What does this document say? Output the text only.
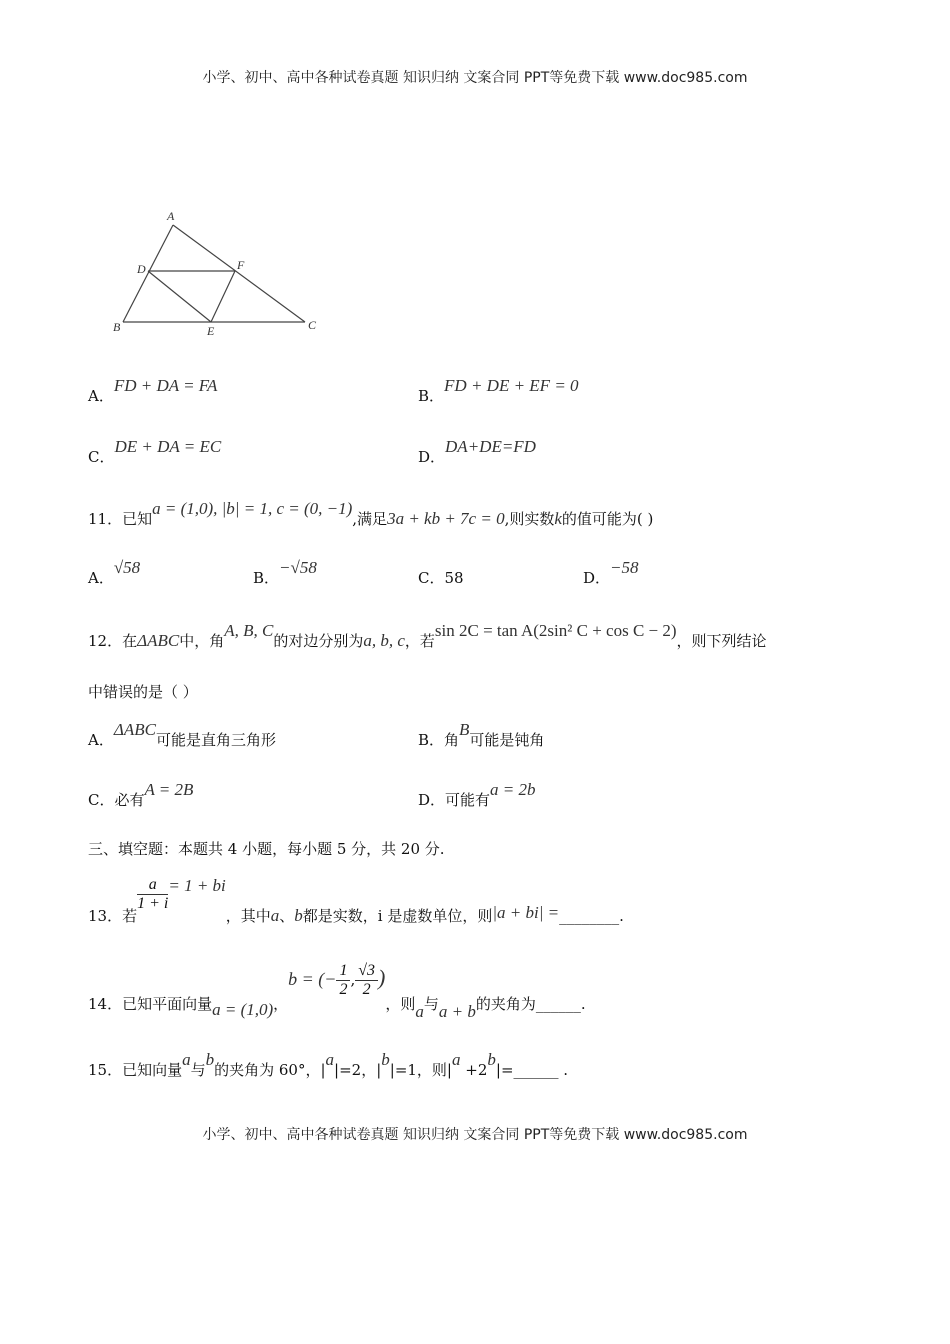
小学、初中、高中各种试卷真题 知识归纳 文案合同 PPT等免费下载 www.doc985.com
A
B	C
D
E
F
A．FD + DA = FA
B．FD + DE + EF = 0
C．DE + DA = EC
D．DA+DE=FD
11．已知a = (1,0), |b| = 1, c = (0, −1),满足3a + kb + 7c = 0,则实数k的值可能为( )
A．√58
B．−√58
C．58	D．−58
12．在ΔABC中，角A, B, C的对边分别为a, b, c，若sin 2C = tan A(2sin² C + cos C − 2)，则下列结论
中错误的是（ ）
A．ΔABC可能是直角三角形	B．角B可能是钝角
C．必有A = 2B
D．可能有a = 2b
三、填空题：本题共 4 小题，每小题 5 分，共 20 分.
13．若
$\frac{a}{1 + i} = 1$ + bi，其中a、b都是实数，i 是虚数单位，则|a + bi| =________.
14．已知平面向量a = (1,0)，b = (− $\frac{1}{2}$ , $\frac{√3}{2}$ )，则a与a + b的夹角为______.
15．已知向量a与b的夹角为 60°，|a|=2，|b|=1，则|a +2b|=______ .
小学、初中、高中各种试卷真题 知识归纳 文案合同 PPT等免费下载 www.doc985.com
